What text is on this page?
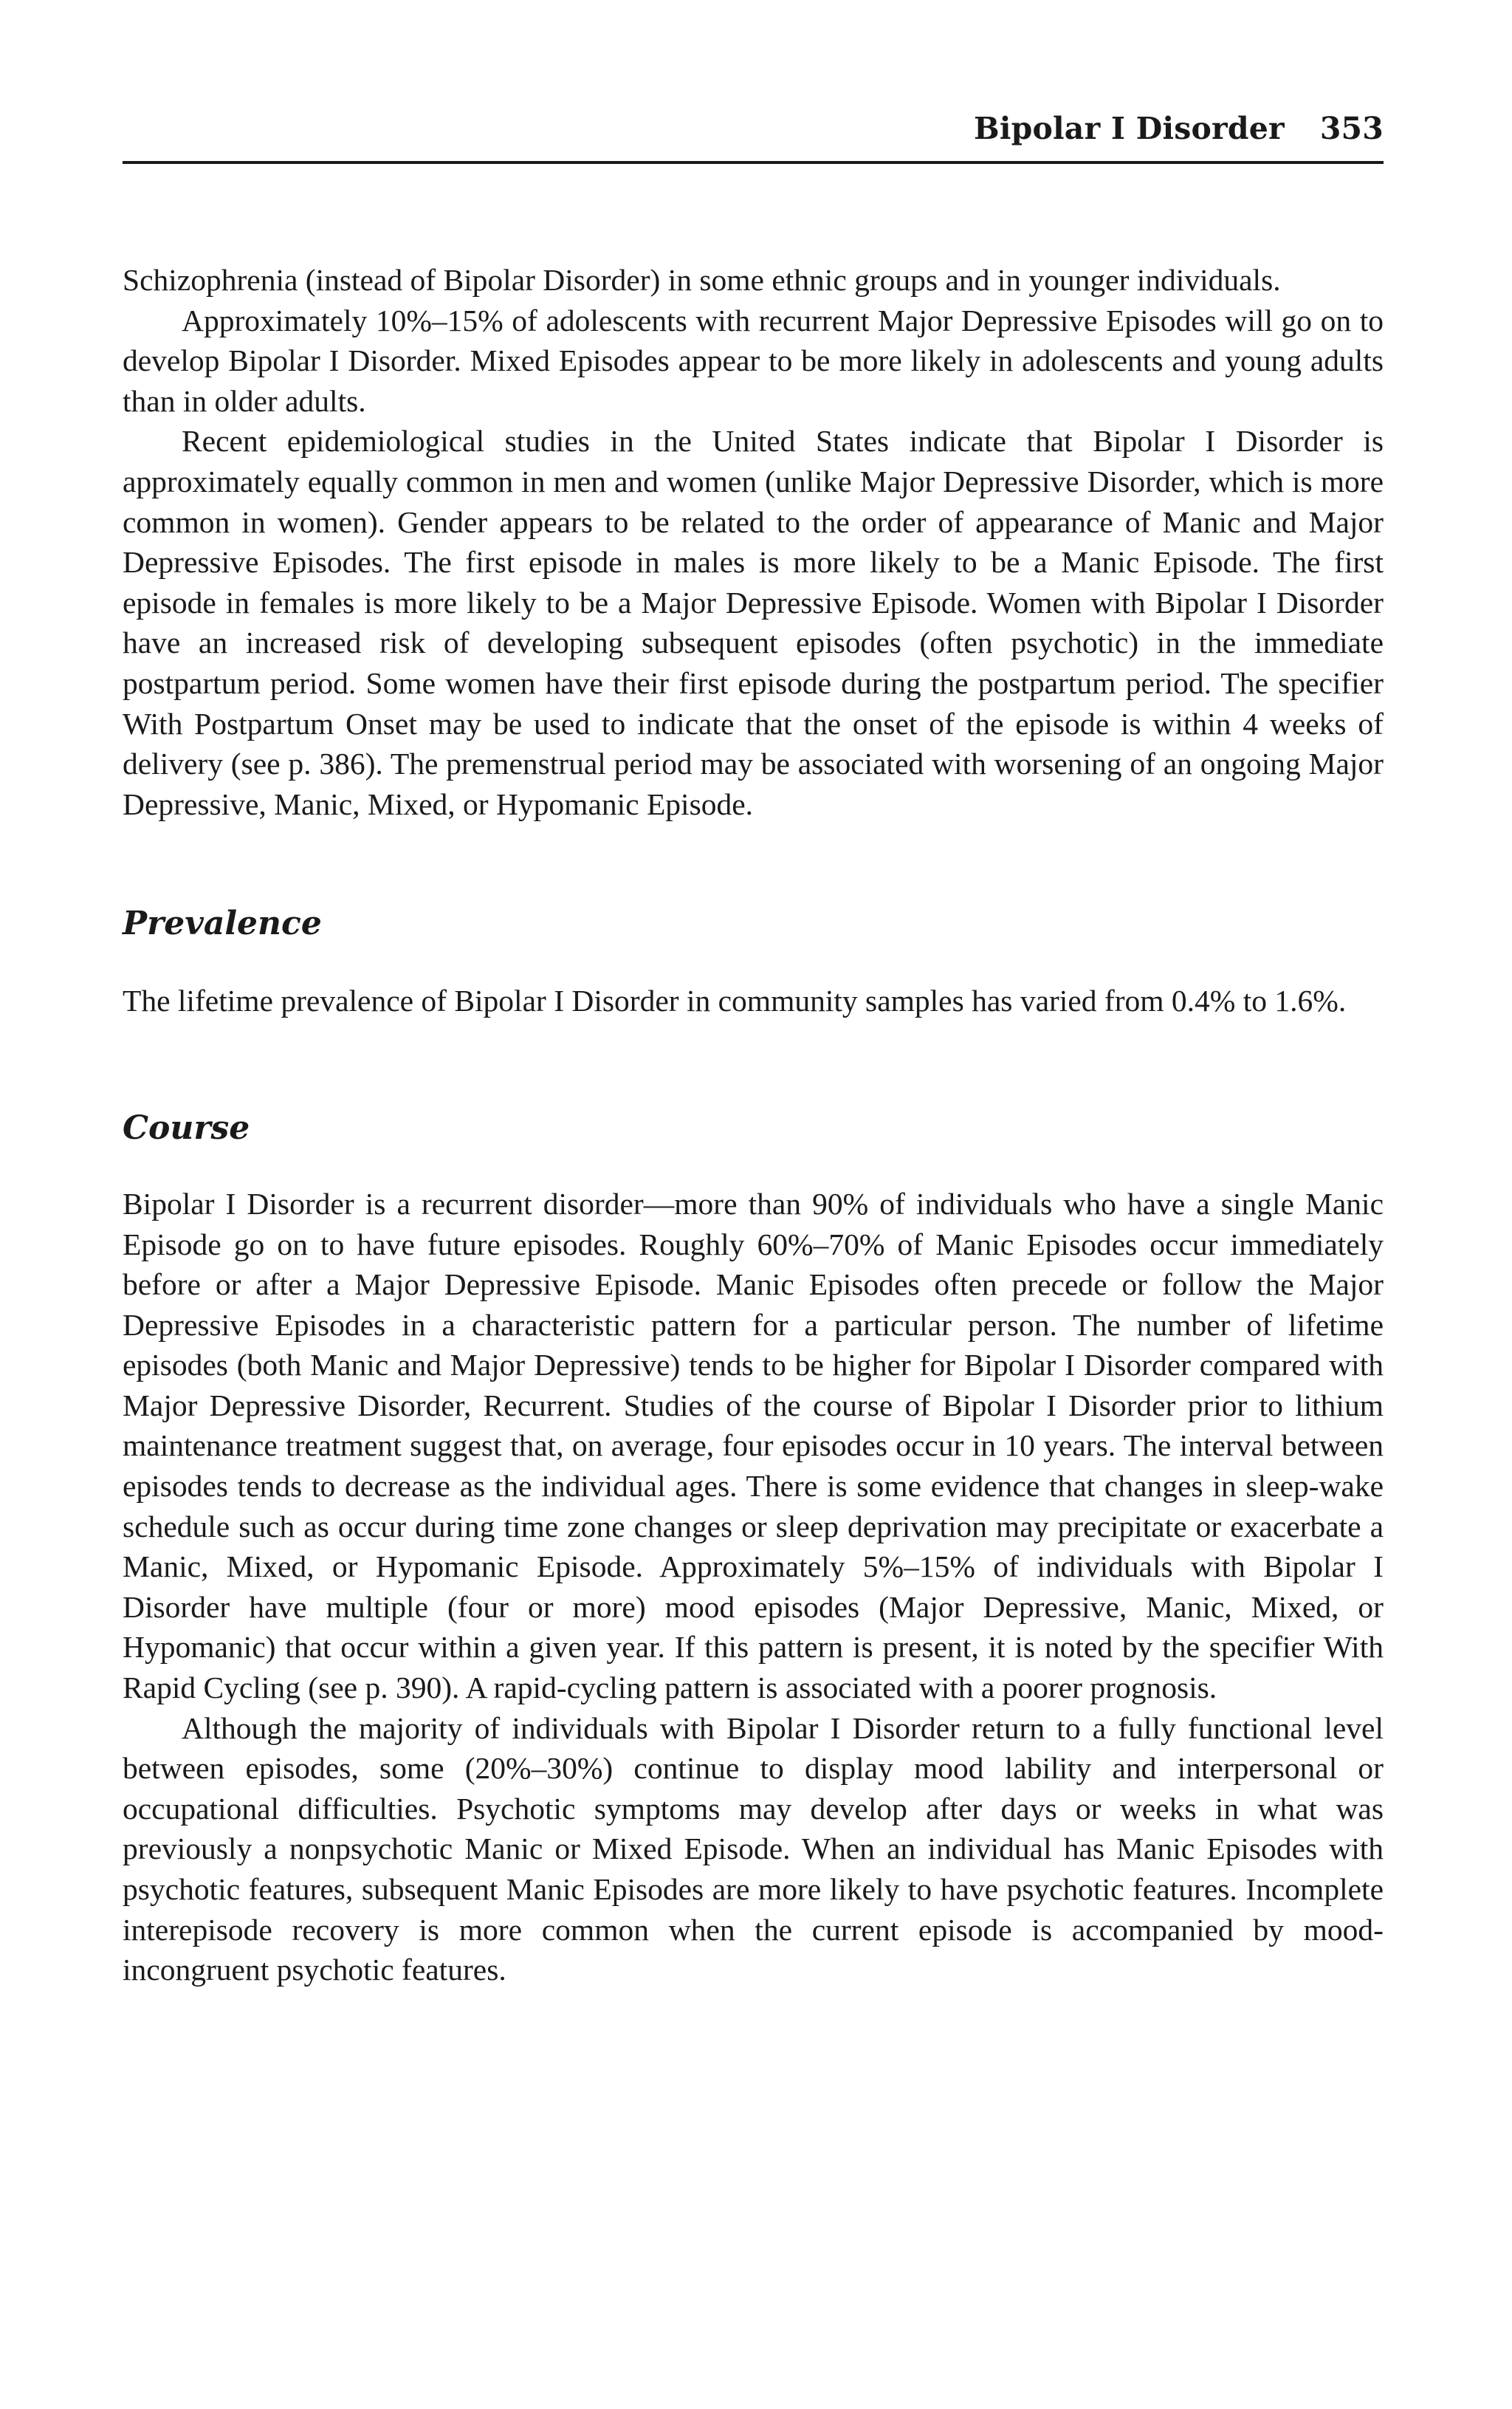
Bipolar I Disorder 353

Schizophrenia (instead of Bipolar Disorder) in some ethnic groups and in younger individuals.

Approximately 10%–15% of adolescents with recurrent Major Depressive Episodes will go on to develop Bipolar I Disorder. Mixed Episodes appear to be more likely in adolescents and young adults than in older adults.

Recent epidemiological studies in the United States indicate that Bipolar I Disorder is approximately equally common in men and women (unlike Major Depressive Disorder, which is more common in women). Gender appears to be related to the order of appearance of Manic and Major Depressive Episodes. The first episode in males is more likely to be a Manic Episode. The first episode in females is more likely to be a Major Depressive Episode. Women with Bipolar I Disorder have an increased risk of developing subsequent episodes (often psychotic) in the immediate postpartum period. Some women have their first episode during the postpartum period. The specifier With Postpartum Onset may be used to indicate that the onset of the episode is within 4 weeks of delivery (see p. 386). The premenstrual period may be associated with worsening of an ongoing Major Depressive, Manic, Mixed, or Hypomanic Episode.

Prevalence

The lifetime prevalence of Bipolar I Disorder in community samples has varied from 0.4% to 1.6%.

Course

Bipolar I Disorder is a recurrent disorder—more than 90% of individuals who have a single Manic Episode go on to have future episodes. Roughly 60%–70% of Manic Episodes occur immediately before or after a Major Depressive Episode. Manic Episodes often precede or follow the Major Depressive Episodes in a characteristic pattern for a particular person. The number of lifetime episodes (both Manic and Major Depressive) tends to be higher for Bipolar I Disorder compared with Major Depressive Disorder, Recurrent. Studies of the course of Bipolar I Disorder prior to lithium maintenance treatment suggest that, on average, four episodes occur in 10 years. The interval between episodes tends to decrease as the individual ages. There is some evidence that changes in sleep-wake schedule such as occur during time zone changes or sleep deprivation may precipitate or exacerbate a Manic, Mixed, or Hypomanic Episode. Approximately 5%–15% of individuals with Bipolar I Disorder have multiple (four or more) mood episodes (Major Depressive, Manic, Mixed, or Hypomanic) that occur within a given year. If this pattern is present, it is noted by the specifier With Rapid Cycling (see p. 390). A rapid-cycling pattern is associated with a poorer prognosis.

Although the majority of individuals with Bipolar I Disorder return to a fully functional level between episodes, some (20%–30%) continue to display mood lability and interpersonal or occupational difficulties. Psychotic symptoms may develop after days or weeks in what was previously a nonpsychotic Manic or Mixed Episode. When an individual has Manic Episodes with psychotic features, subsequent Manic Episodes are more likely to have psychotic features. Incomplete interepisode recovery is more common when the current episode is accompanied by mood-incongruent psychotic features.
